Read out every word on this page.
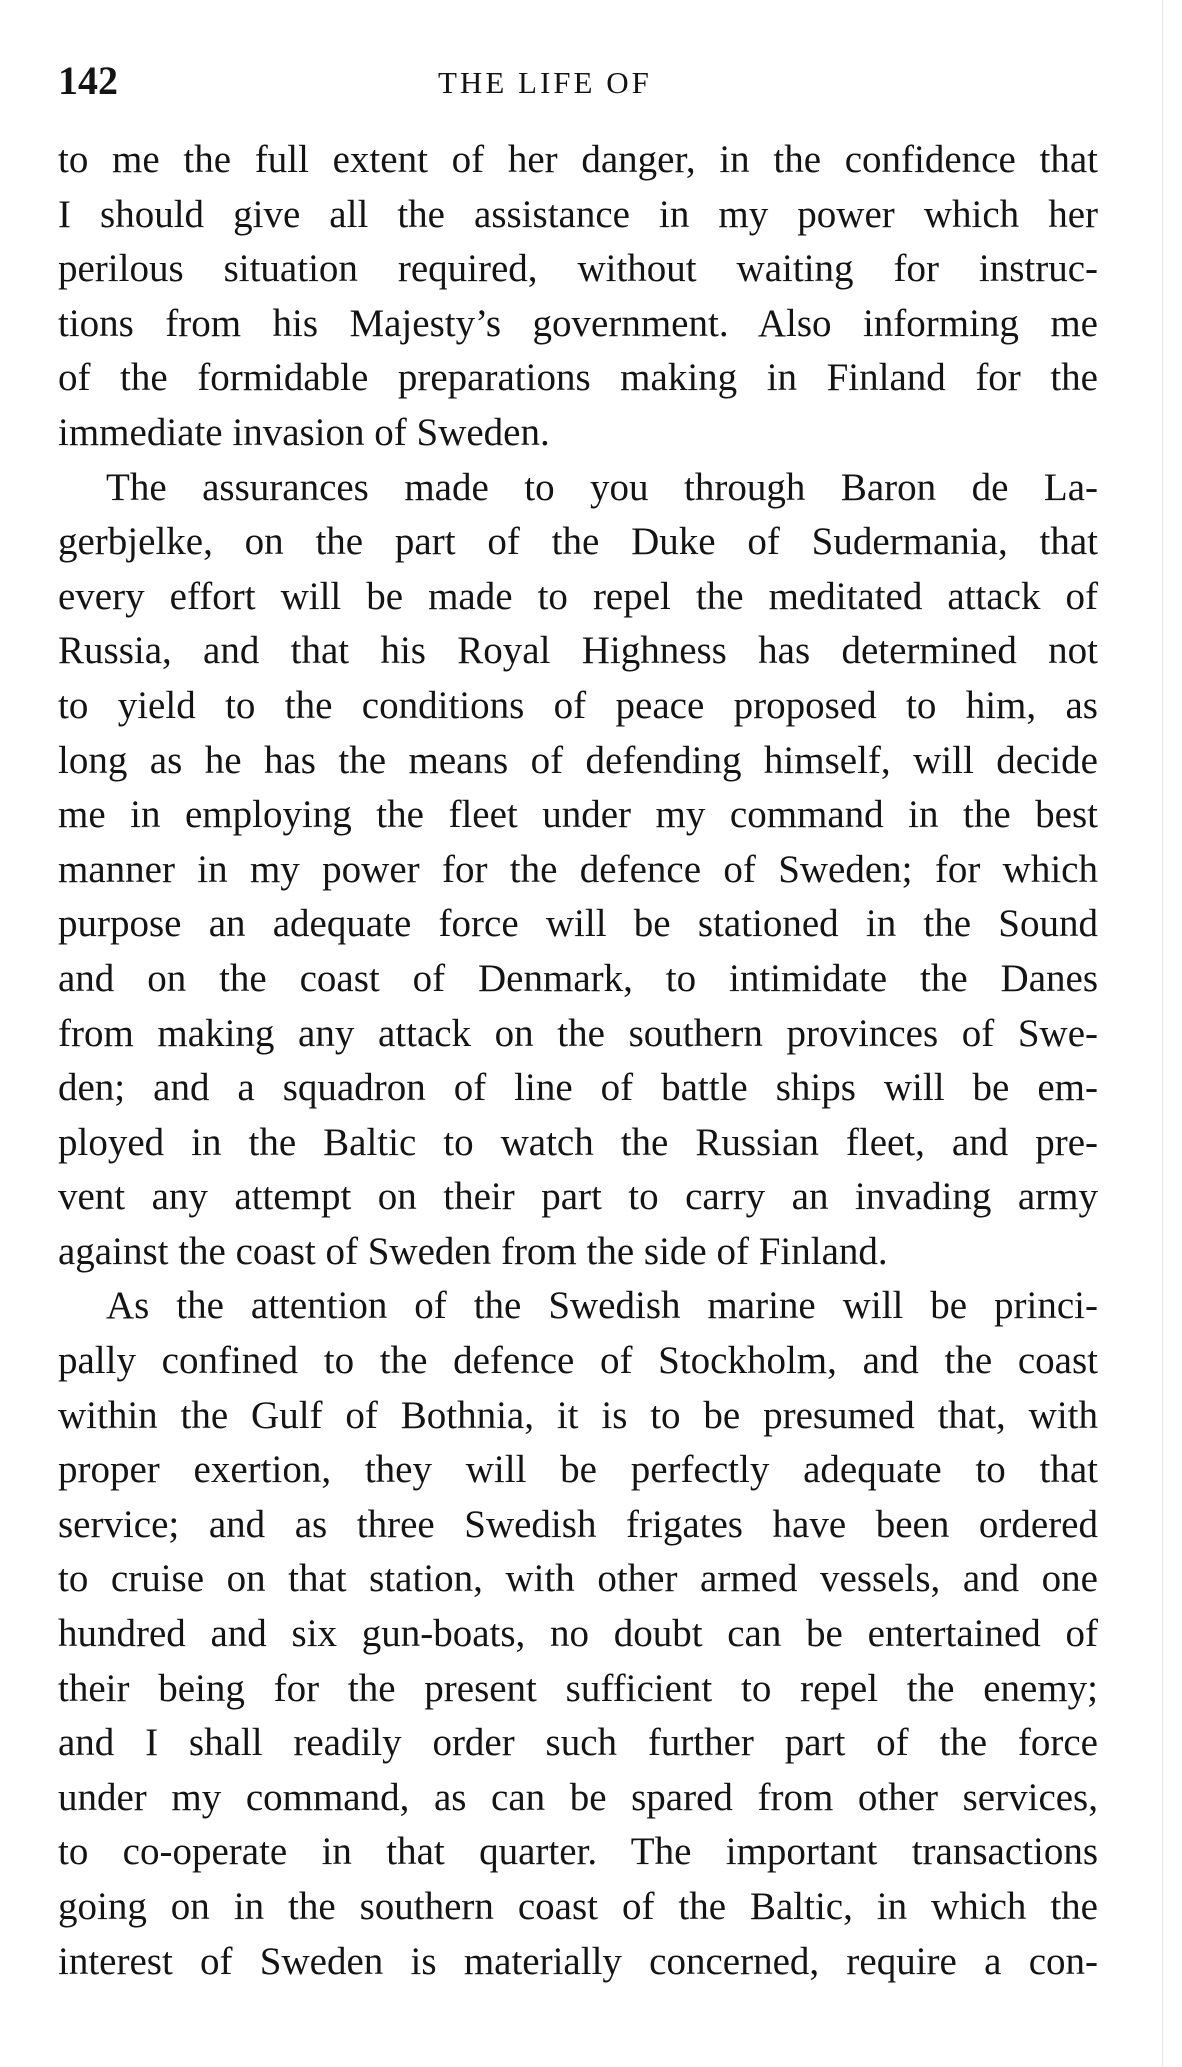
142	THE LIFE OF
to me the full extent of her danger, in the confidence that
I should give all the assistance in my power which her
perilous situation required, without waiting for instruc-
tions from his Majesty’s government. Also informing me
of the formidable preparations making in Finland for the
immediate invasion of Sweden.
The assurances made to you through Baron de La-
gerbjelke, on the part of the Duke of Sudermania, that
every effort will be made to repel the meditated attack of
Russia, and that his Royal Highness has determined not
to yield to the conditions of peace proposed to him, as
long as he has the means of defending himself, will decide
me in employing the fleet under my command in the best
manner in my power for the defence of Sweden; for which
purpose an adequate force will be stationed in the Sound
and on the coast of Denmark, to intimidate the Danes
from making any attack on the southern provinces of Swe-
den; and a squadron of line of battle ships will be em-
ployed in the Baltic to watch the Russian fleet, and pre-
vent any attempt on their part to carry an invading army
against the coast of Sweden from the side of Finland.
As the attention of the Swedish marine will be princi-
pally confined to the defence of Stockholm, and the coast
within the Gulf of Bothnia, it is to be presumed that, with
proper exertion, they will be perfectly adequate to that
service; and as three Swedish frigates have been ordered
to cruise on that station, with other armed vessels, and one
hundred and six gun-boats, no doubt can be entertained of
their being for the present sufficient to repel the enemy;
and I shall readily order such further part of the force
under my command, as can be spared from other services,
to co-operate in that quarter. The important transactions
going on in the southern coast of the Baltic, in which the
interest of Sweden is materially concerned, require a con-
